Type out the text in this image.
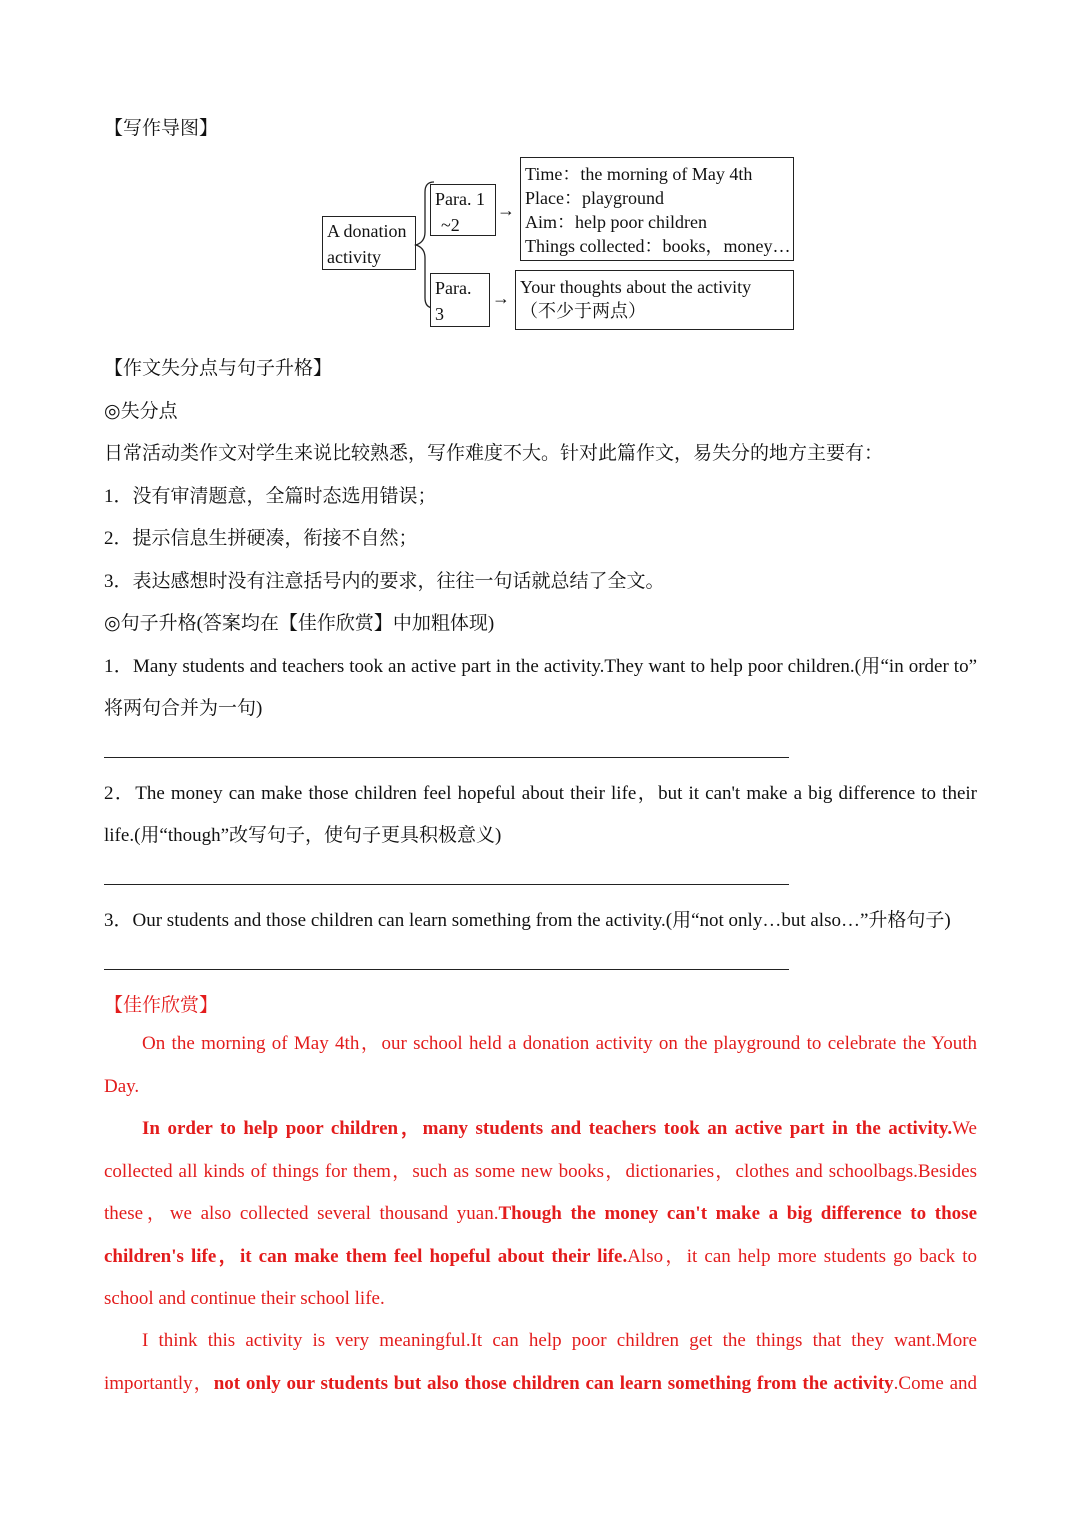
【写作导图】
A donation
activity
Para. 1
~2
→
Time：the morning of May 4th
Place：playground
Aim：help poor children
Things collected：books，money…
Para.
3
→
Your thoughts about the activity
（不少于两点）
【作文失分点与句子升格】
◎失分点
日常活动类作文对学生来说比较熟悉，写作难度不大。针对此篇作文，易失分的地方主要有：
1．没有审清题意，全篇时态选用错误；
2．提示信息生拼硬凑，衔接不自然；
3．表达感想时没有注意括号内的要求，往往一句话就总结了全文。
◎句子升格(答案均在【佳作欣赏】中加粗体现)
1．Many students and teachers took an active part in the activity.They want to help poor children.(用“in order to”
将两句合并为一句)
2．The money can make those children feel hopeful about their life，but it can't make a big difference to their
life.(用“though”改写句子，使句子更具积极意义)
3．Our students and those children can learn something from the activity.(用“not only…but also…”升格句子)
【佳作欣赏】
On the morning of May 4th，our school held a donation activity on the playground to celebrate the Youth Day.
In order to help poor children，many students and teachers took an active part in the activity.We collected all kinds of things for them，such as some new books，dictionaries，clothes and schoolbags.Besides these，we also collected several thousand yuan.Though the money can't make a big difference to those children's life，it can make them feel hopeful about their life.Also，it can help more students go back to school and continue their school life.
I think this activity is very meaningful.It can help poor children get the things that they want.More importantly，not only our students but also those children can learn something from the activity.Come and
